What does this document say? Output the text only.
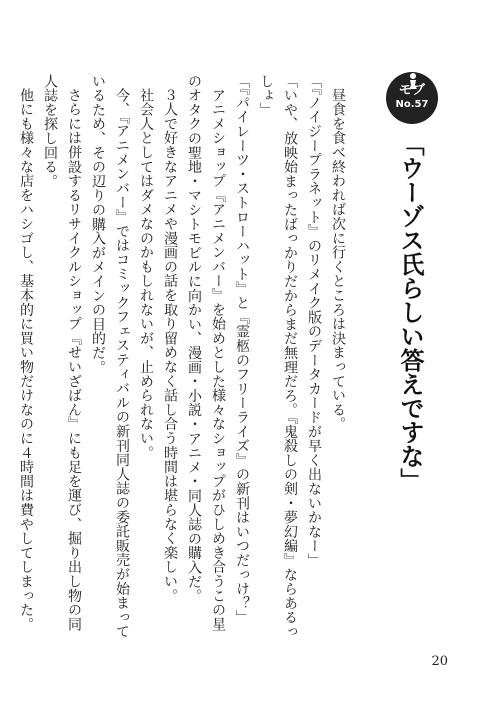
モブ
No.57
「ウーゾス氏らしい答えですな」

昼食を食べ終われば次に行くところは決まっている。

「『ノイジープラネット』のリメイク版のデータカードが早く出ないかなー」

「いや、放映始まったばっかりだからまだ無理だろ。『鬼殺しの剣・夢幻編』ならあるっしょ」

「『パイレーツ・ストローハット』と『霊柩のフリーライズ』の新刊はいつだっけ？」

アニメショップ『アニメンバー』を始めとした様々なショップがひしめき合うこの星のオタクの聖地・マシトモビルに向かい、漫画・小説・アニメ・同人誌の購入だ。

３人で好きなアニメや漫画の話を取り留めなく話し合う時間は堪らなく楽しい。

社会人としてはダメなのかもしれないが、止められない。

今、『アニメンバー』ではコミックフェスティバルの新刊同人誌の委託販売が始まっているため、その辺りの購入がメインの目的だ。

さらには併設するリサイクルショップ『せいざばん』にも足を運び、掘り出し物の同人誌を探し回る。

他にも様々な店をハシゴし、基本的に買い物だけなのに４時間は費やしてしまった。

20
